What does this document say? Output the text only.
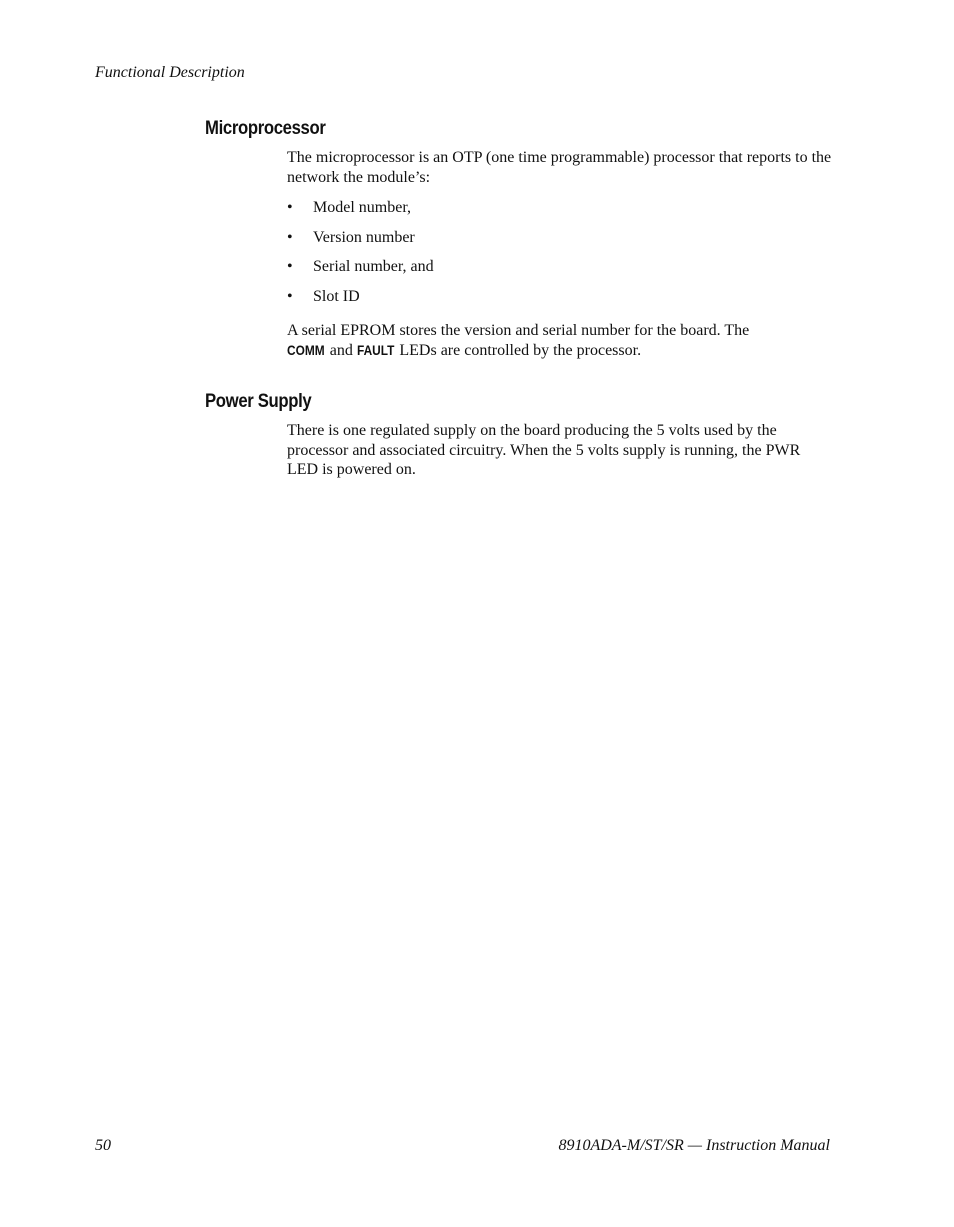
Functional Description
Microprocessor

The microprocessor is an OTP (one time programmable) processor that reports to the network the module’s:

• Model number,
• Version number
• Serial number, and
• Slot ID

A serial EPROM stores the version and serial number for the board. The
COMM and FAULT LEDs are controlled by the processor.

Power Supply

There is one regulated supply on the board producing the 5 volts used by the processor and associated circuitry. When the 5 volts supply is running, the PWR LED is powered on.

50	8910ADA-M/ST/SR — Instruction Manual
